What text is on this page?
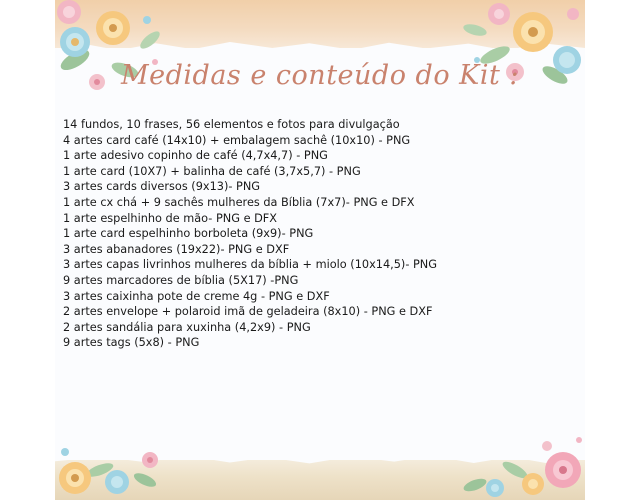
Medidas e conteúdo do Kit :
14 fundos, 10 frases, 56 elementos e fotos para divulgação
4 artes card café (14x10) + embalagem sachê (10x10) - PNG
1 arte adesivo copinho de café (4,7x4,7) - PNG
1 arte card (10X7) + balinha de café (3,7x5,7) - PNG
3 artes cards diversos (9x13)- PNG
1 arte cx chá + 9 sachês mulheres da Bíblia (7x7)- PNG e DFX
1 arte espelhinho de mão- PNG e DFX
1 arte card espelhinho borboleta (9x9)- PNG
3 artes abanadores (19x22)- PNG e DXF
3 artes capas livrinhos mulheres da bíblia + miolo (10x14,5)- PNG
9 artes marcadores de bíblia (5X17) -PNG
3 artes caixinha pote de creme 4g - PNG e DXF
2 artes envelope + polaroid imã de geladeira (8x10) - PNG e DXF
2 artes sandália para xuxinha (4,2x9) - PNG
9 artes tags (5x8) - PNG
